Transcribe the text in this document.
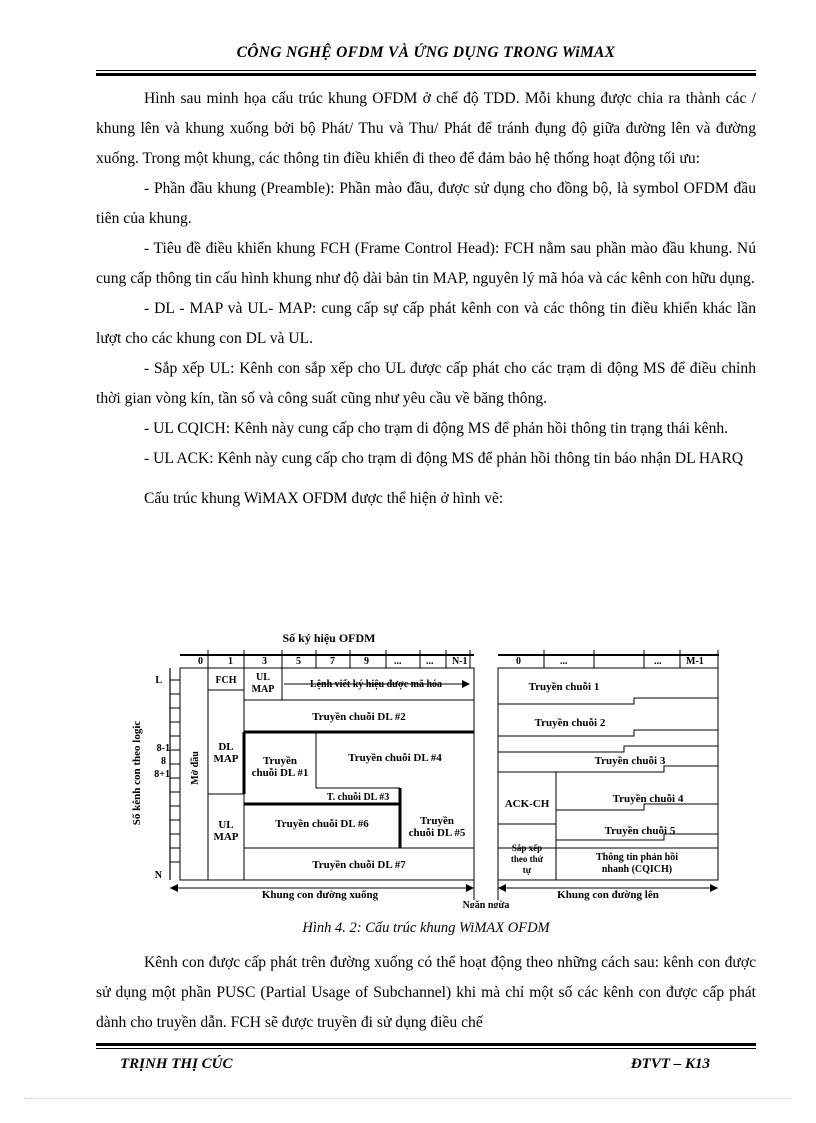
CÔNG NGHỆ OFDM VÀ ỨNG DỤNG TRONG WiMAX

Hình sau minh họa cấu trúc khung OFDM ở chế độ TDD. Mỗi khung được chia ra thành các / khung lên và khung xuống bởi bộ Phát/ Thu và Thu/ Phát để tránh đụng độ giữa đường lên và đường xuống. Trong một khung, các thông tin điều khiển đi theo để đảm bảo hệ thống hoạt động tối ưu:

- Phần đầu khung (Preamble): Phần mào đầu, được sử dụng cho đồng bộ, là symbol OFDM đầu tiên của khung.

- Tiêu đề điều khiển khung FCH (Frame Control Head): FCH nằm sau phần mào đầu khung. Nú cung cấp thông tin cấu hình khung như độ dài bản tin MAP, nguyên lý mã hóa và các kênh con hữu dụng.

- DL - MAP và UL- MAP: cung cấp sự cấp phát kênh con và các thông tin điều khiển khác lần lượt cho các khung con DL và UL.

- Sắp xếp UL: Kênh con sắp xếp cho UL được cấp phát cho các trạm di động MS để điều chỉnh thời gian vòng kín, tần số và công suất cũng như yêu cầu về băng thông.

- UL CQICH: Kênh này cung cấp cho trạm di động MS để phản hồi thông tin trạng thái kênh.

- UL ACK: Kênh này cung cấp cho trạm di động MS để phản hồi thông tin báo nhận DL HARQ

Cấu trúc khung WiMAX OFDM được thể hiện ở hình vẽ:

Số ký hiệu OFDM
0	1	3	5	7	9	... ... N-1	0	...	... M-1
L
8-1
8
8+1
N
Số kênh con theo logic	Mở đầu
FCH UL
MAP	Lệnh viết ký hiệu được mã hóa
Truyền chuỗi DL #2
DL
MAP Truyền
chuỗi DL #1
Truyền chuỗi DL #4
T. chuỗi DL #3
Truyền chuỗi DL #6	Truyền
chuỗi DL #5
UL
MAP
Truyền chuỗi DL #7
Truyền chuỗi 1
Truyền chuỗi 2
Truyền chuỗi 3
ACK-CH	Truyền chuỗi 4
Truyền chuỗi 5
Sắp xếp
theo thứ
tự
Thông tin phản hồi
nhanh (CQICH)
Khung con đường xuống	Khung con đường lên
Ngăn ngừa
Hình 4. 2: Cấu trúc khung WiMAX OFDM

Kênh con được cấp phát trên đường xuống có thể hoạt động theo những cách sau: kênh con được sử dụng một phần PUSC (Partial Usage of Subchannel) khi mà chỉ một số các kênh con được cấp phát dành cho truyền dẫn. FCH sẽ được truyền đi sử dụng điều chế

TRỊNH THỊ CÚC	ĐTVT – K13
